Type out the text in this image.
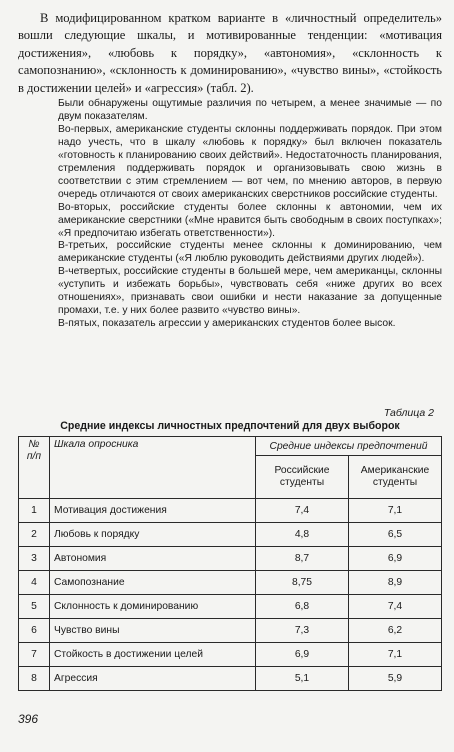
В модифицированном кратком варианте в «личностный определитель» вошли следующие шкалы, и мотивированные тенденции: «мотивация достижения», «любовь к порядку», «автономия», «склонность к самопознанию», «склонность к доминированию», «чувство вины», «стойкость в достижении целей» и «агрессия» (табл. 2).

Были обнаружены ощутимые различия по четырем, а менее значимые — по двум показателям.

Во-первых, американские студенты склонны поддерживать порядок. При этом надо учесть, что в шкалу «любовь к порядку» был включен показатель «готовность к планированию своих действий». Недостаточность планирования, стремления поддерживать порядок и организовывать свою жизнь в соответствии с этим стремлением — вот чем, по мнению авторов, в первую очередь отличаются от своих американских сверстников российские студенты.

Во-вторых, российские студенты более склонны к автономии, чем их американские сверстники («Мне нравится быть свободным в своих поступках»; «Я предпочитаю избегать ответственности»).

В-третьих, российские студенты менее склонны к доминированию, чем американские студенты («Я люблю руководить действиями других людей»).

В-четвертых, российские студенты в большей мере, чем американцы, склонны «уступить и избежать борьбы», чувствовать себя «ниже других во всех отношениях», признавать свои ошибки и нести наказание за допущенные промахи, т.е. у них более развито «чувство вины».

В-пятых, показатель агрессии у американских студентов более высок.

Таблица 2
Средние индексы личностных предпочтений для двух выборок
№ п/п	Шкала опросника	Средние индексы предпочтений	
		Российские студенты	Американские студенты
1	Мотивация достижения	7,4	7,1
2	Любовь к порядку	4,8	6,5
3	Автономия	8,7	6,9
4	Самопознание	8,75	8,9
5	Склонность к доминированию	6,8	7,4
6	Чувство вины	7,3	6,2
7	Стойкость в достижении целей	6,9	7,1
8	Агрессия	5,1	5,9
396
